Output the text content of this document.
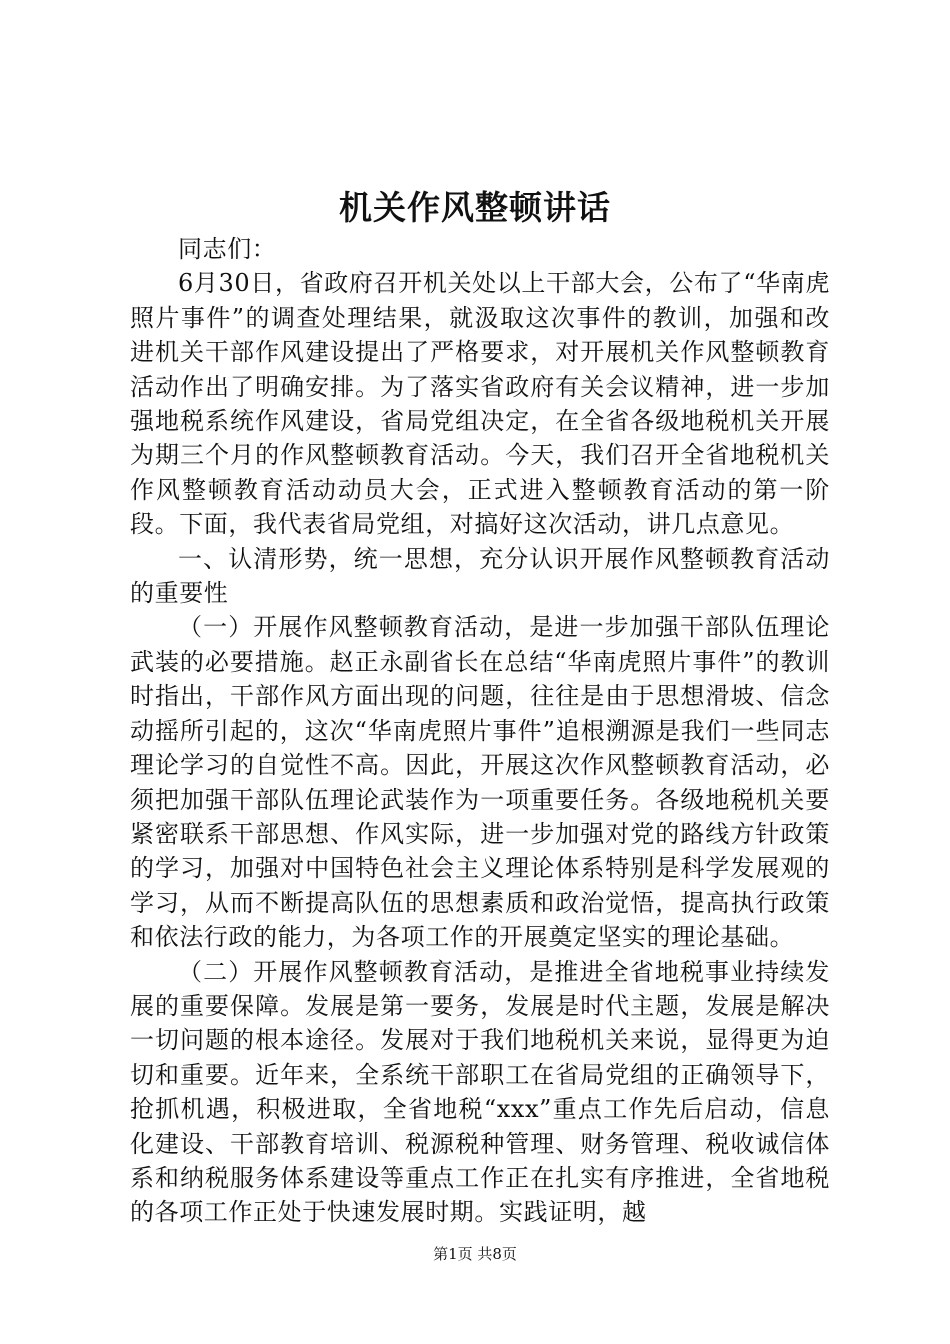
机关作风整顿讲话

同志们：

6月30日，省政府召开机关处以上干部大会，公布了“华南虎照片事件”的调查处理结果，就汲取这次事件的教训，加强和改进机关干部作风建设提出了严格要求，对开展机关作风整顿教育活动作出了明确安排。为了落实省政府有关会议精神，进一步加强地税系统作风建设，省局党组决定，在全省各级地税机关开展为期三个月的作风整顿教育活动。今天，我们召开全省地税机关作风整顿教育活动动员大会，正式进入整顿教育活动的第一阶段。下面，我代表省局党组，对搞好这次活动，讲几点意见。

一、认清形势，统一思想，充分认识开展作风整顿教育活动的重要性

（一）开展作风整顿教育活动，是进一步加强干部队伍理论武装的必要措施。赵正永副省长在总结“华南虎照片事件”的教训时指出，干部作风方面出现的问题，往往是由于思想滑坡、信念动摇所引起的，这次“华南虎照片事件”追根溯源是我们一些同志理论学习的自觉性不高。因此，开展这次作风整顿教育活动，必须把加强干部队伍理论武装作为一项重要任务。各级地税机关要紧密联系干部思想、作风实际，进一步加强对党的路线方针政策的学习，加强对中国特色社会主义理论体系特别是科学发展观的学习，从而不断提高队伍的思想素质和政治觉悟，提高执行政策和依法行政的能力，为各项工作的开展奠定坚实的理论基础。

（二）开展作风整顿教育活动，是推进全省地税事业持续发展的重要保障。发展是第一要务，发展是时代主题，发展是解决一切问题的根本途径。发展对于我们地税机关来说，显得更为迫切和重要。近年来，全系统干部职工在省局党组的正确领导下，抢抓机遇，积极进取，全省地税“xxx”重点工作先后启动，信息化建设、干部教育培训、税源税种管理、财务管理、税收诚信体系和纳税服务体系建设等重点工作正在扎实有序推进，全省地税的各项工作正处于快速发展时期。实践证明，越

第1页 共8页
